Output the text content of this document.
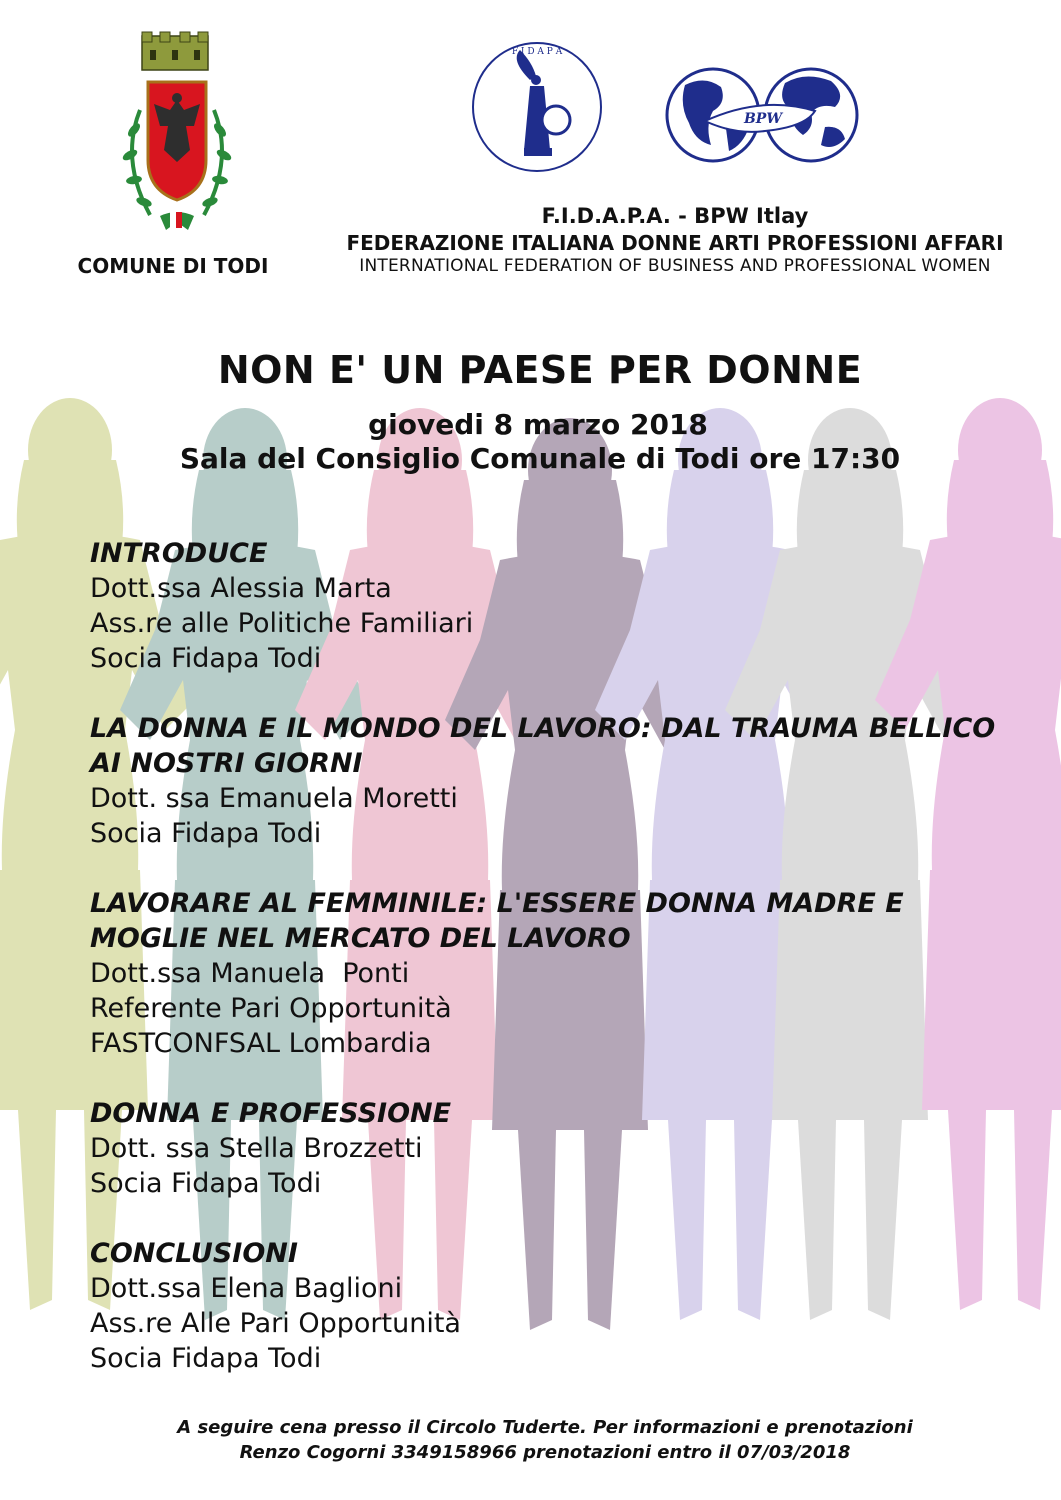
F I D A P A
BPW
COMUNE DI TODI
F.I.D.A.P.A. - BPW Itlay
FEDERAZIONE ITALIANA DONNE ARTI PROFESSIONI AFFARI
INTERNATIONAL FEDERATION OF BUSINESS AND PROFESSIONAL WOMEN
NON E' UN PAESE PER DONNE
giovedi 8 marzo 2018
Sala del Consiglio Comunale di Todi ore 17:30
INTRODUCE
Dott.ssa Alessia Marta
Ass.re alle Politiche Familiari
Socia Fidapa Todi
LA DONNA E IL MONDO DEL LAVORO: DAL TRAUMA BELLICO AI NOSTRI GIORNI
Dott. ssa Emanuela Moretti
Socia Fidapa Todi
LAVORARE AL FEMMINILE: L'ESSERE DONNA MADRE E MOGLIE NEL MERCATO DEL LAVORO
Dott.ssa Manuela  Ponti
Referente Pari Opportunità
FASTCONFSAL Lombardia
DONNA E PROFESSIONE
Dott. ssa Stella Brozzetti
Socia Fidapa Todi
CONCLUSIONI
Dott.ssa Elena Baglioni
Ass.re Alle Pari Opportunità
Socia Fidapa Todi
A seguire cena presso il Circolo Tuderte. Per informazioni e prenotazioni
Renzo Cogorni 3349158966 prenotazioni entro il 07/03/2018
